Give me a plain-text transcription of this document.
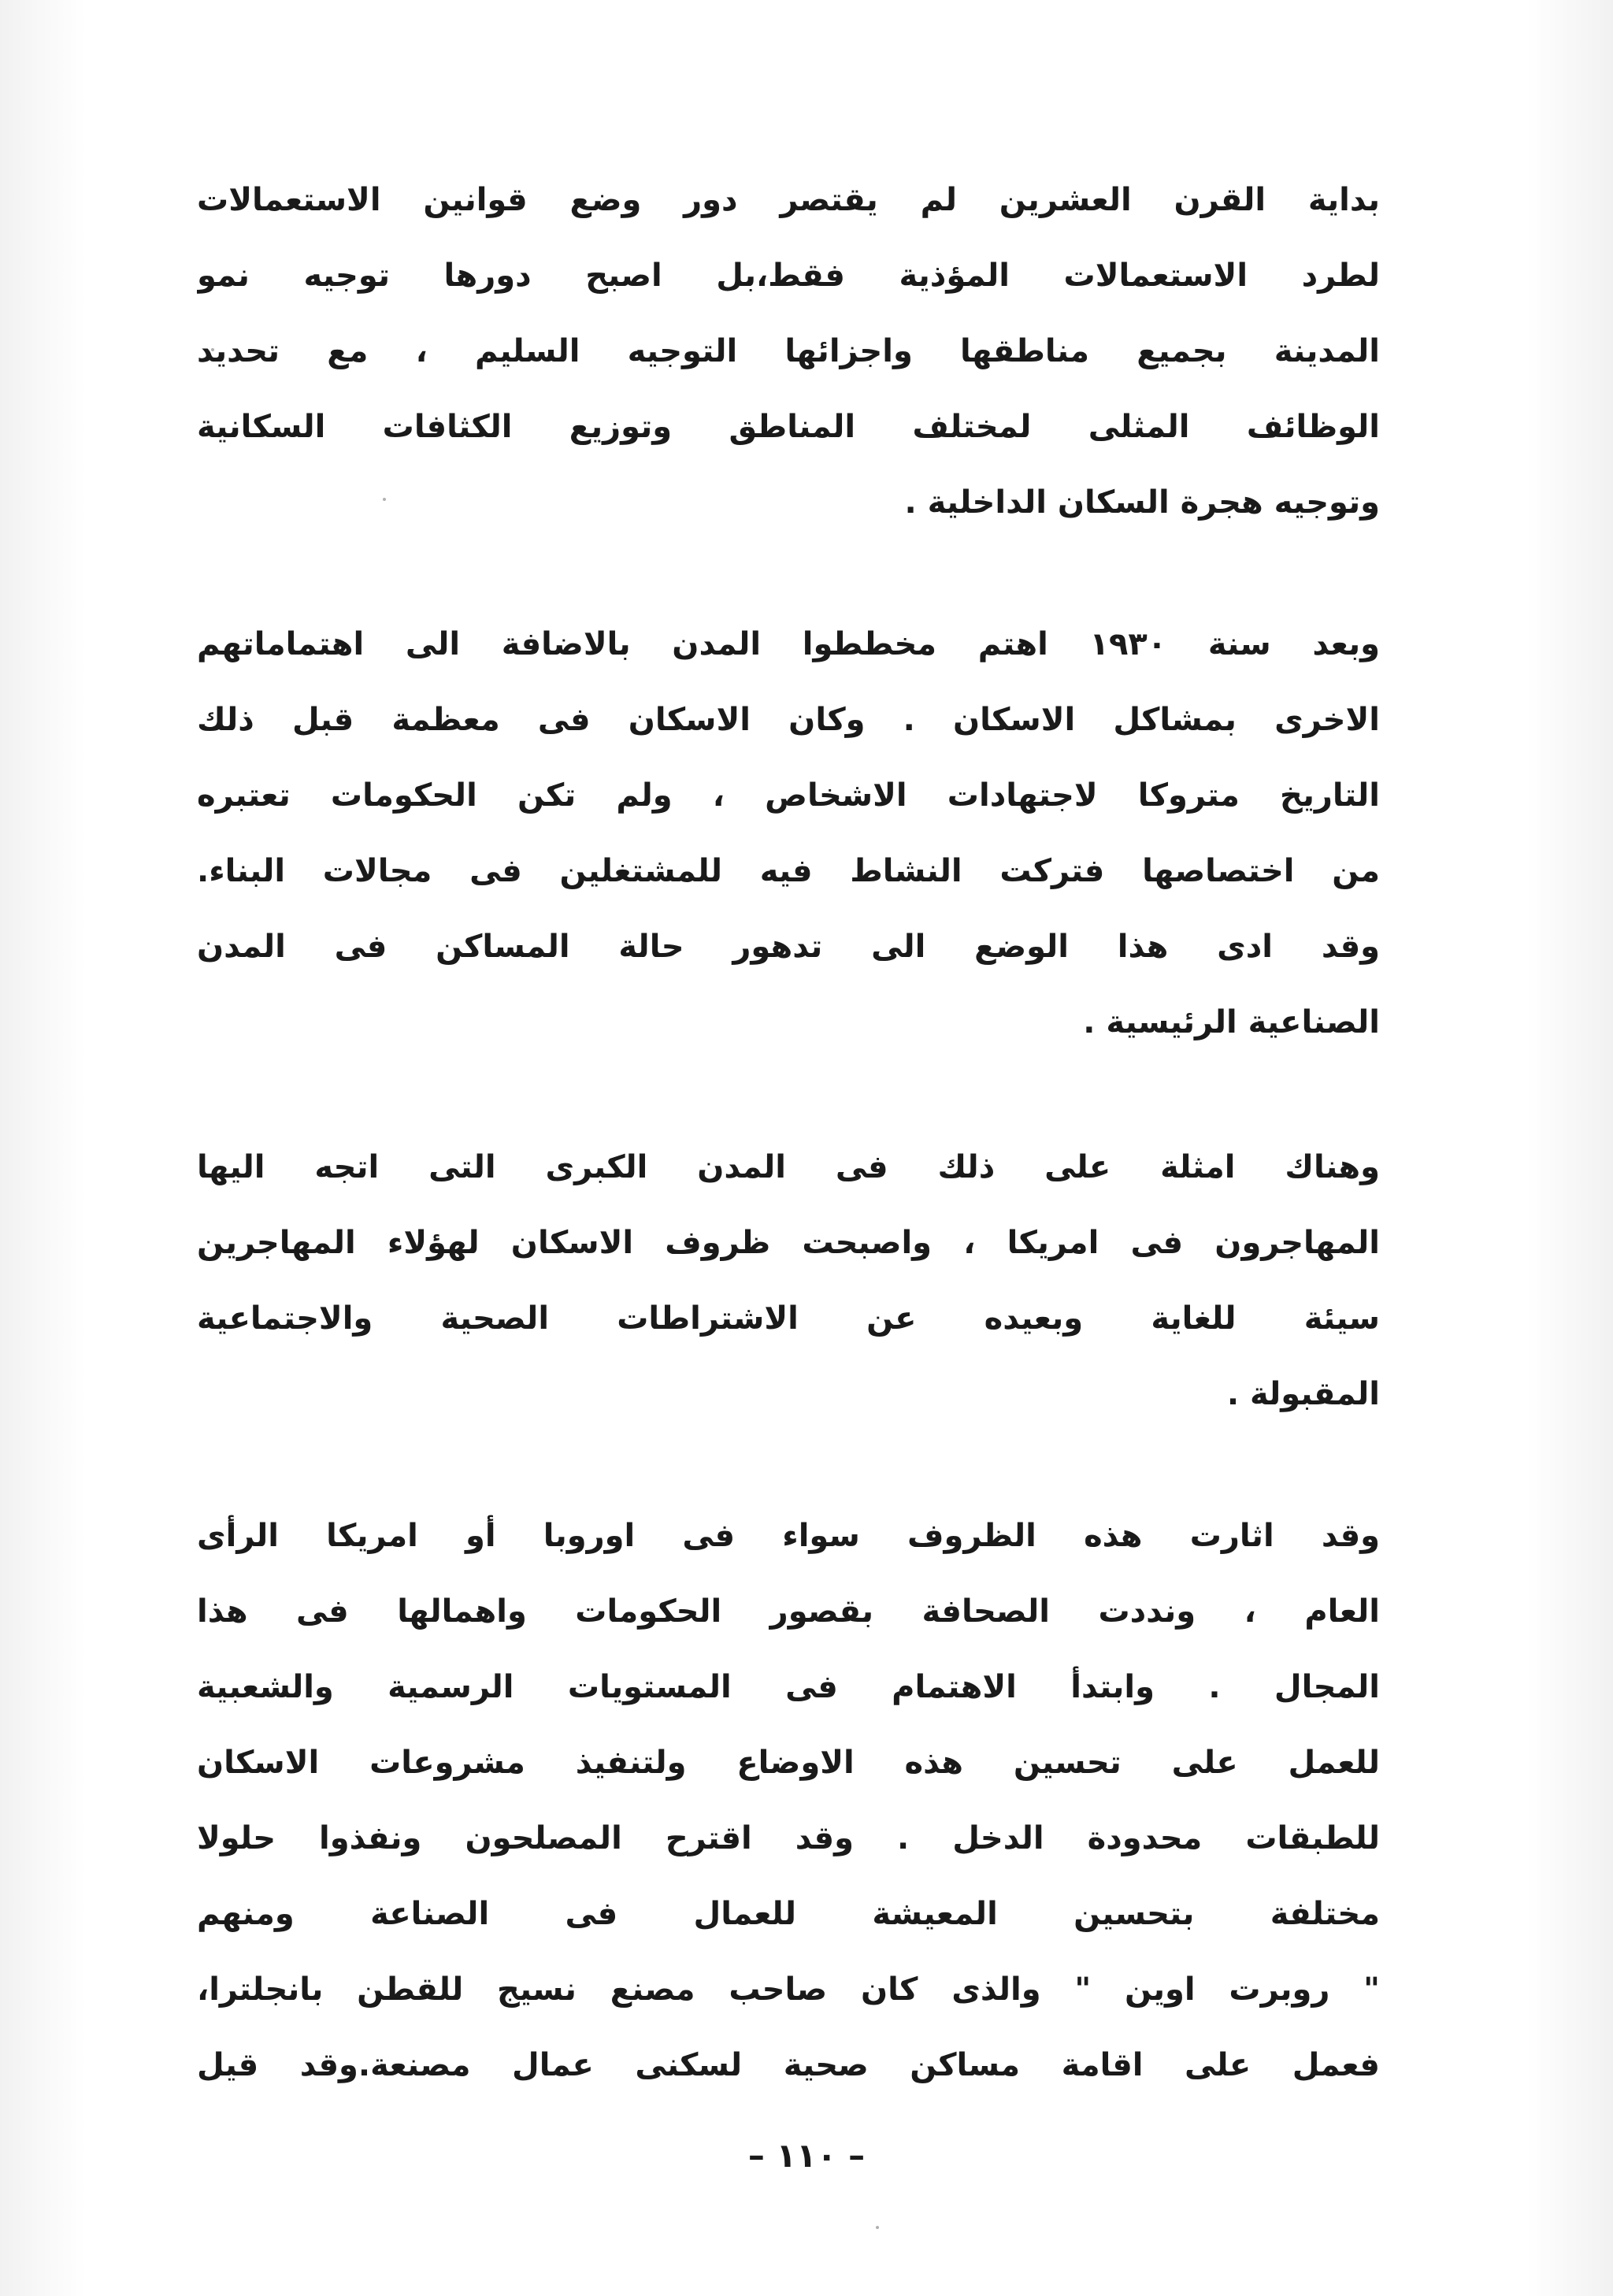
بداية القرن العشرين لم يقتصر دور وضع قوانين الاستعمالات
لطرد الاستعمالات المؤذية فقط،بل اصبح دورها توجيه نمو
المدينة بجميع مناطقها واجزائها التوجيه السليم ، مع تحديد
الوظائف المثلى لمختلف المناطق وتوزيع الكثافات السكانية
وتوجيه هجرة السكان الداخلية .
وبعد سنة ١٩٣٠ اهتم مخططوا المدن بالاضافة الى اهتماماتهم
الاخرى بمشاكل الاسكان . وكان الاسكان فى معظمة قبل ذلك
التاريخ متروكا لاجتهادات الاشخاص ، ولم تكن الحكومات تعتبره
من اختصاصها فتركت النشاط فيه للمشتغلين فى مجالات البناء.
وقد ادى هذا الوضع الى تدهور حالة المساكن فى المدن
الصناعية الرئيسية .
وهناك امثلة على ذلك فى المدن الكبرى التى اتجه اليها
المهاجرون فى امريكا ، واصبحت ظروف الاسكان لهؤلاء المهاجرين
سيئة للغاية وبعيده عن الاشتراطات الصحية والاجتماعية
المقبولة .
وقد اثارت هذه الظروف سواء فى اوروبا أو امريكا الرأى
العام ، ونددت الصحافة بقصور الحكومات واهمالها فى هذا
المجال . وابتدأ الاهتمام فى المستويات الرسمية والشعبية
للعمل على تحسين هذه الاوضاع ولتنفيذ مشروعات الاسكان
للطبقات محدودة الدخل . وقد اقترح المصلحون ونفذوا حلولا
مختلفة بتحسين المعيشة للعمال فى الصناعة ومنهم
" روبرت اوين " والذى كان صاحب مصنع نسيج للقطن بانجلترا،
فعمل على اقامة مساكن صحية لسكنى عمال مصنعة.وقد قيل
– ١١٠ –
